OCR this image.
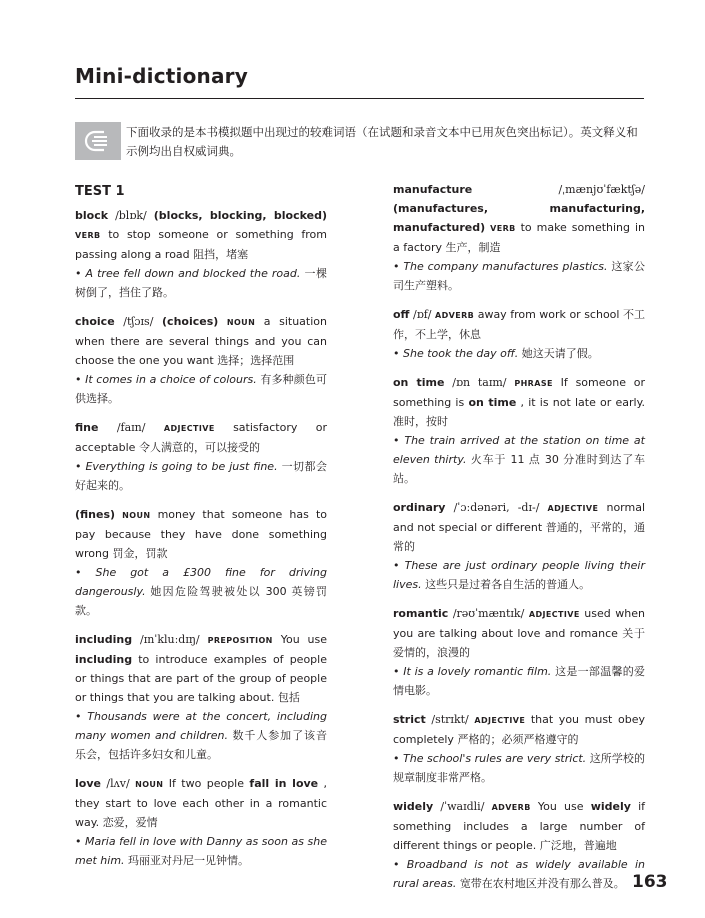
Mini-dictionary
下面收录的是本书模拟题中出现过的较难词语（在试题和录音文本中已用灰色突出标记）。英文释义和示例均出自权威词典。
TEST 1
block /blɒk/ (blocks, blocking, blocked) VERB to stop someone or something from passing along a road 阻挡，堵塞
• A tree fell down and blocked the road. 一棵树倒了，挡住了路。
choice /tʃɔɪs/ (choices) NOUN a situation when there are several things and you can choose the one you want 选择；选择范围
• It comes in a choice of colours. 有多种颜色可供选择。
fine /faɪn/ ADJECTIVE satisfactory or acceptable 令人满意的，可以接受的
• Everything is going to be just fine. 一切都会好起来的。
(fines) NOUN money that someone has to pay because they have done something wrong 罚金，罚款
• She got a £300 fine for driving dangerously. 她因危险驾驶被处以 300 英镑罚款。
including /ɪnˈkluːdɪŋ/ PREPOSITION You use including to introduce examples of people or things that are part of the group of people or things that you are talking about. 包括
• Thousands were at the concert, including many women and children. 数千人参加了该音乐会，包括许多妇女和儿童。
love /lʌv/ NOUN If two people fall in love , they start to love each other in a romantic way. 恋爱，爱情
• Maria fell in love with Danny as soon as she met him. 玛丽亚对丹尼一见钟情。
manufacture	/ˌmænjʊˈfæktʃə/ (manufactures, manufacturing, manufactured) VERB to make something in a factory 生产，制造
• The company manufactures plastics. 这家公司生产塑料。
off /ɒf/ ADVERB away from work or school 不工作，不上学，休息
• She took the day off. 她这天请了假。
on time /ɒn taɪm/ PHRASE If someone or something is on time , it is not late or early. 准时，按时
• The train arrived at the station on time at eleven thirty. 火车于 11 点 30 分准时到达了车站。
ordinary /ˈɔːdənəri, -dɪ-/ ADJECTIVE normal and not special or different 普通的，平常的，通常的
• These are just ordinary people living their lives. 这些只是过着各自生活的普通人。
romantic /rəʊˈmæntɪk/ ADJECTIVE used when you are talking about love and romance 关于爱情的，浪漫的
• It is a lovely romantic film. 这是一部温馨的爱情电影。
strict /strɪkt/ ADJECTIVE that you must obey completely 严格的；必须严格遵守的
• The school's rules are very strict. 这所学校的规章制度非常严格。
widely /ˈwaɪdli/ ADVERB You use widely if something includes a large number of different things or people. 广泛地，普遍地
• Broadband is not as widely available in rural areas. 宽带在农村地区并没有那么普及。 163
